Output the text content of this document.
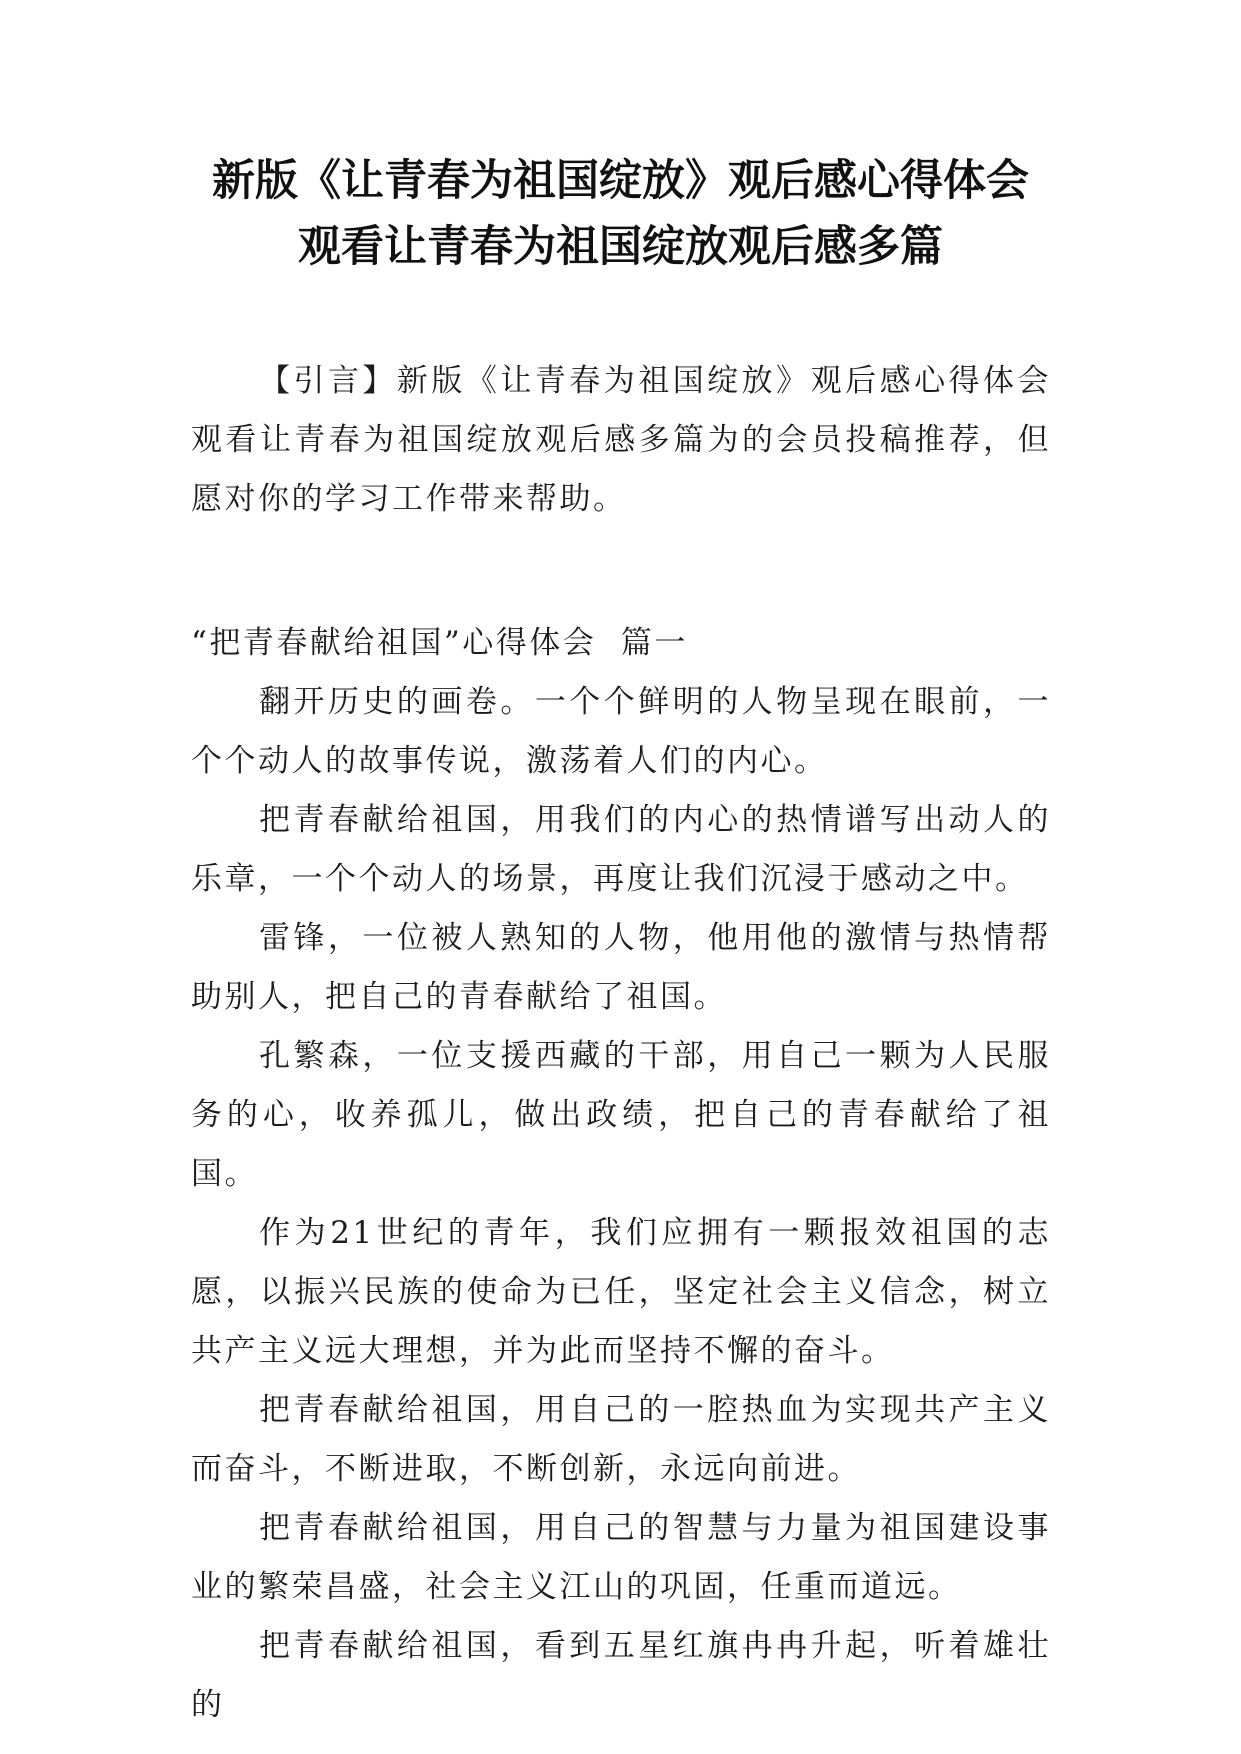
新版《让青春为祖国绽放》观后感心得体会
观看让青春为祖国绽放观后感多篇

【引言】新版《让青春为祖国绽放》观后感心得体会观看让青春为祖国绽放观后感多篇为的会员投稿推荐，但愿对你的学习工作带来帮助。

“把青春献给祖国”心得体会  篇一

翻开历史的画卷。一个个鲜明的人物呈现在眼前，一个个动人的故事传说，激荡着人们的内心。

把青春献给祖国，用我们的内心的热情谱写出动人的乐章，一个个动人的场景，再度让我们沉浸于感动之中。

雷锋，一位被人熟知的人物，他用他的激情与热情帮助别人，把自己的青春献给了祖国。

孔繁森，一位支援西藏的干部，用自己一颗为人民服务的心，收养孤儿，做出政绩，把自己的青春献给了祖国。

作为21世纪的青年，我们应拥有一颗报效祖国的志愿，以振兴民族的使命为已任，坚定社会主义信念，树立共产主义远大理想，并为此而坚持不懈的奋斗。

把青春献给祖国，用自己的一腔热血为实现共产主义而奋斗，不断进取，不断创新，永远向前进。

把青春献给祖国，用自己的智慧与力量为祖国建设事业的繁荣昌盛，社会主义江山的巩固，任重而道远。

把青春献给祖国，看到五星红旗冉冉升起，听着雄壮的
